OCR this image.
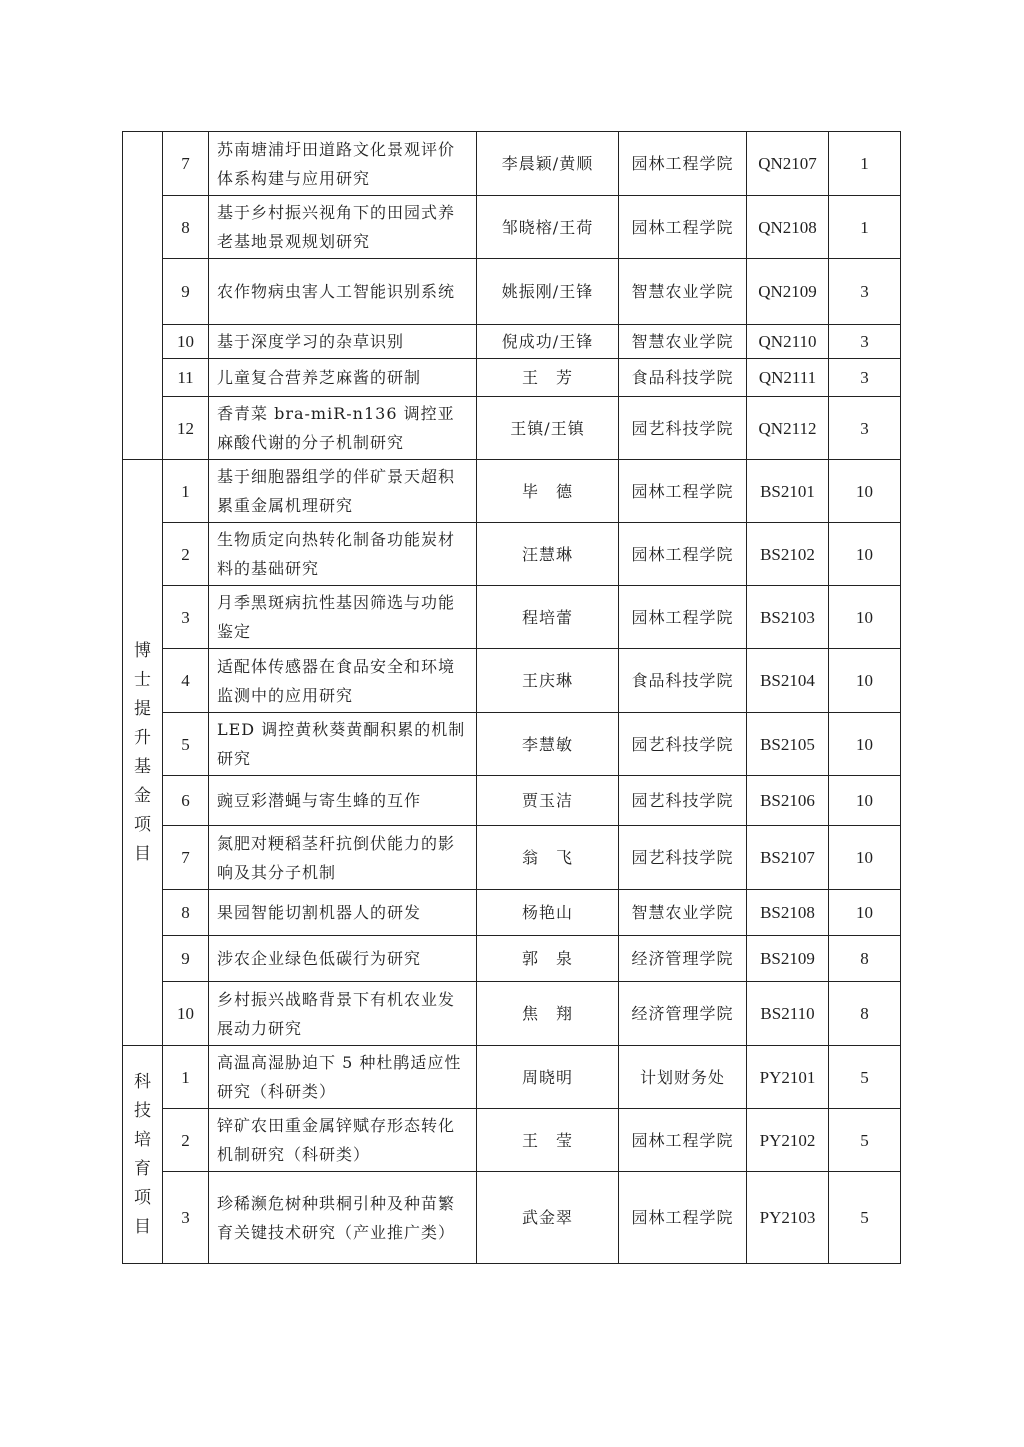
	7	苏南塘浦圩田道路文化景观评价体系构建与应用研究	李晨颖/黄顺	园林工程学院	QN2107	1
	8	基于乡村振兴视角下的田园式养老基地景观规划研究	邹晓榕/王荷	园林工程学院	QN2108	1
	9	农作物病虫害人工智能识别系统	姚振刚/王锋	智慧农业学院	QN2109	3
	10	基于深度学习的杂草识别	倪成功/王锋	智慧农业学院	QN2110	3
	11	儿童复合营养芝麻酱的研制	王　芳	食品科技学院	QN2111	3
	12	香青菜 bra-miR-n136 调控亚麻酸代谢的分子机制研究	王镇/王镇	园艺科技学院	QN2112	3

博士提升基金项目	1	基于细胞器组学的伴矿景天超积累重金属机理研究	毕　德	园林工程学院	BS2101	10
	2	生物质定向热转化制备功能炭材料的基础研究	汪慧琳	园林工程学院	BS2102	10
	3	月季黑斑病抗性基因筛选与功能鉴定	程培蕾	园林工程学院	BS2103	10
	4	适配体传感器在食品安全和环境监测中的应用研究	王庆琳	食品科技学院	BS2104	10
	5	LED 调控黄秋葵黄酮积累的机制研究	李慧敏	园艺科技学院	BS2105	10
	6	豌豆彩潜蝇与寄生蜂的互作	贾玉洁	园艺科技学院	BS2106	10
	7	氮肥对粳稻茎秆抗倒伏能力的影响及其分子机制	翁　飞	园艺科技学院	BS2107	10
	8	果园智能切割机器人的研发	杨艳山	智慧农业学院	BS2108	10
	9	涉农企业绿色低碳行为研究	郭　泉	经济管理学院	BS2109	8
	10	乡村振兴战略背景下有机农业发展动力研究	焦　翔	经济管理学院	BS2110	8

科技培育项目	1	高温高湿胁迫下 5 种杜鹃适应性研究（科研类）	周晓明	计划财务处	PY2101	5
	2	锌矿农田重金属锌赋存形态转化机制研究（科研类）	王　莹	园林工程学院	PY2102	5
	3	珍稀濒危树种珙桐引种及种苗繁育关键技术研究（产业推广类）	武金翠	园林工程学院	PY2103	5
